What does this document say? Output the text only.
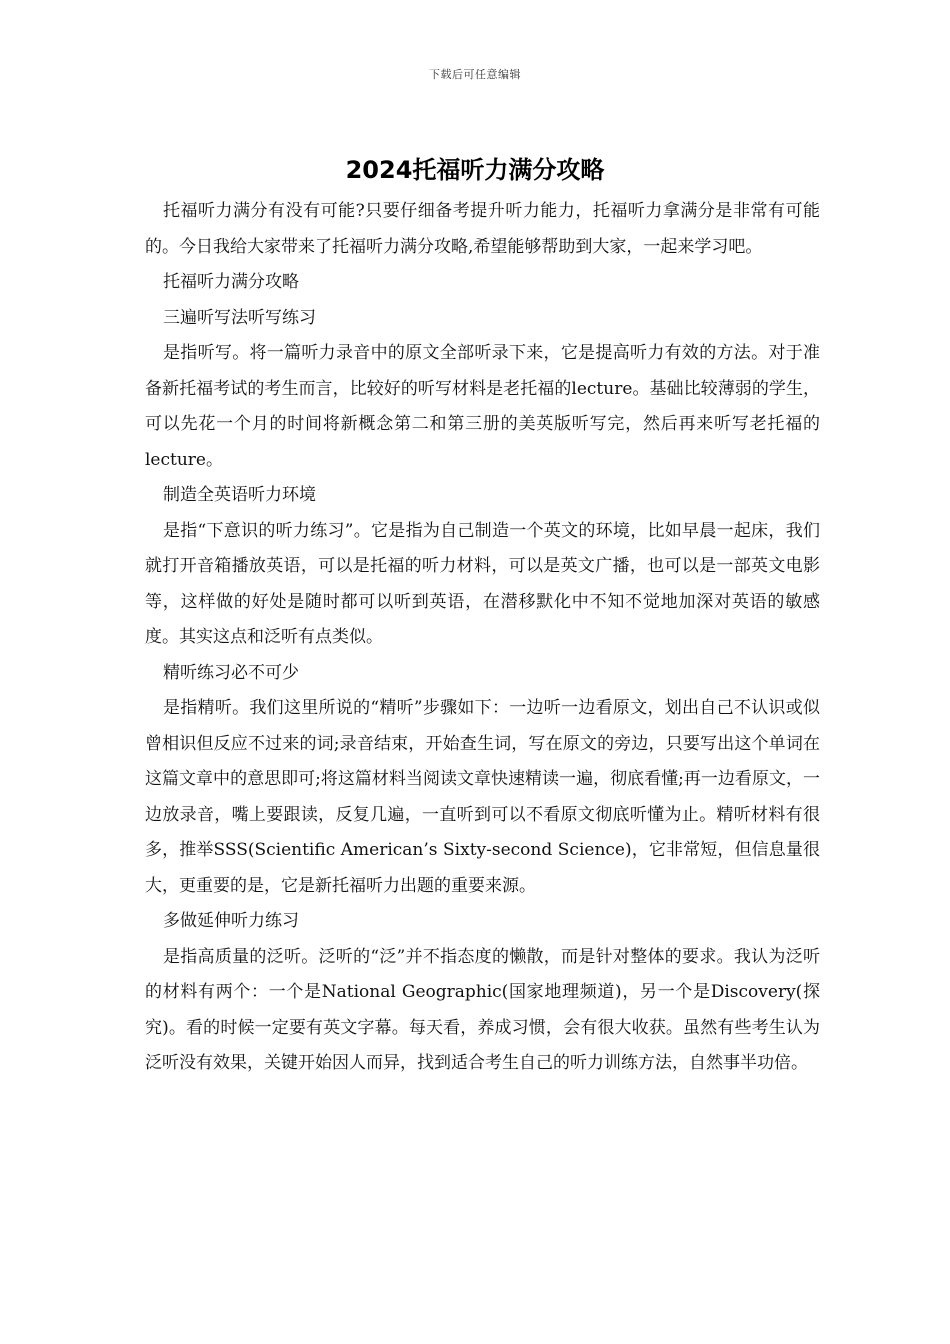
下载后可任意编辑
2024托福听力满分攻略

托福听力满分有没有可能?只要仔细备考提升听力能力，托福听力拿满分是非常有可能的。今日我给大家带来了托福听力满分攻略,希望能够帮助到大家，一起来学习吧。

托福听力满分攻略

三遍听写法听写练习

是指听写。将一篇听力录音中的原文全部听录下来，它是提高听力有效的方法。对于准备新托福考试的考生而言，比较好的听写材料是老托福的lecture。基础比较薄弱的学生，可以先花一个月的时间将新概念第二和第三册的美英版听写完，然后再来听写老托福的lecture。

制造全英语听力环境

是指“下意识的听力练习”。它是指为自己制造一个英文的环境，比如早晨一起床，我们就打开音箱播放英语，可以是托福的听力材料，可以是英文广播，也可以是一部英文电影等，这样做的好处是随时都可以听到英语，在潜移默化中不知不觉地加深对英语的敏感度。其实这点和泛听有点类似。

精听练习必不可少

是指精听。我们这里所说的“精听”步骤如下：一边听一边看原文，划出自己不认识或似曾相识但反应不过来的词;录音结束，开始查生词，写在原文的旁边，只要写出这个单词在这篇文章中的意思即可;将这篇材料当阅读文章快速精读一遍，彻底看懂;再一边看原文，一边放录音，嘴上要跟读，反复几遍，一直听到可以不看原文彻底听懂为止。精听材料有很多，推举SSS(Scientific American’s Sixty-second Science)，它非常短，但信息量很大，更重要的是，它是新托福听力出题的重要来源。

多做延伸听力练习

是指高质量的泛听。泛听的“泛”并不指态度的懒散，而是针对整体的要求。我认为泛听的材料有两个：一个是National Geographic(国家地理频道)，另一个是Discovery(探究)。看的时候一定要有英文字幕。每天看，养成习惯，会有很大收获。虽然有些考生认为泛听没有效果，关键开始因人而异，找到适合考生自己的听力训练方法，自然事半功倍。
